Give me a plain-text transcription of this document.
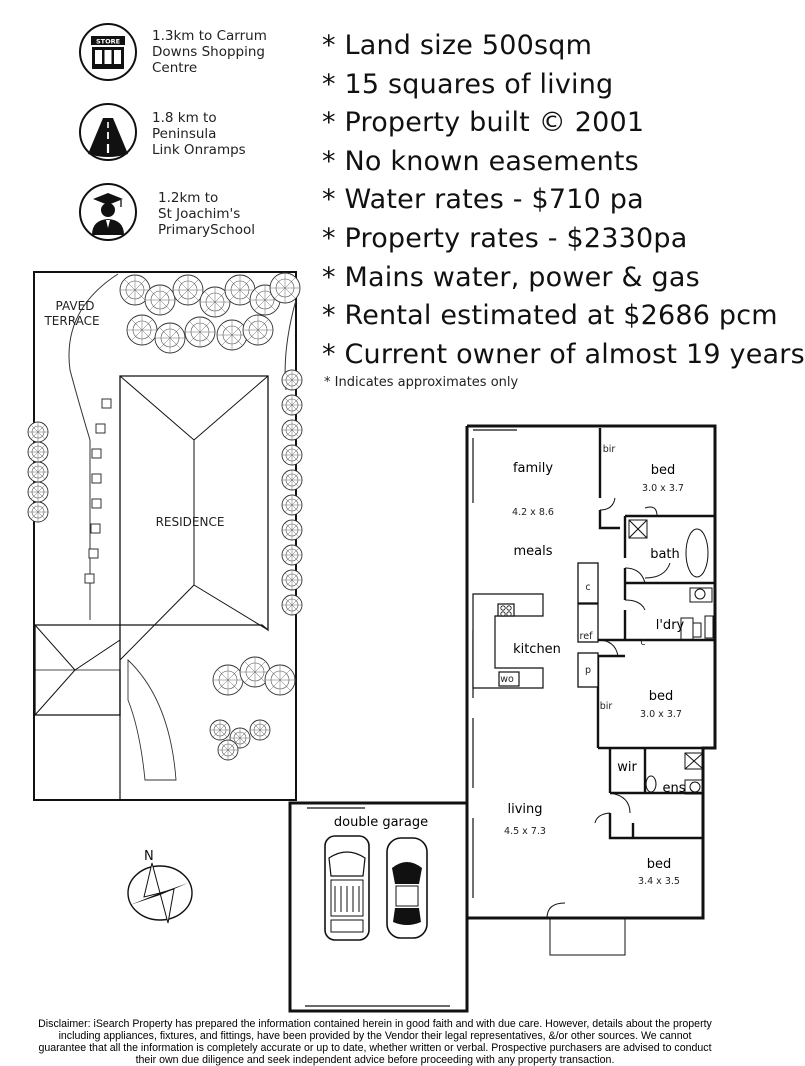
STORE 1.3km to Carrum
Downs Shopping
Centre
1.8 km to
Peninsula
Link Onramps
1.2km to
St Joachim's
PrimarySchool
* Land size 500sqm
* 15 squares of living
* Property built © 2001
* No known easements
* Water rates - $710 pa
* Property rates - $2330pa
* Mains water, power & gas
* Rental estimated at $2686 pcm
* Current owner of almost 19 years
* Indicates approximates only
PAVED
TERRACE
RESIDENCE
N
family
4.2 x 8.6
meals
kitchen
wo
c
ref
p
bir
bed
3.0 x 3.7
bath
l'dry
c
bed
3.0 x 3.7
bir
wir
ens
living
4.5 x 7.3
bed
3.4 x 3.5
double garage
Disclaimer: iSearch Property has prepared the information contained herein in good faith and with due care. However, details about the property
including appliances, fixtures, and fittings, have been provided by the Vendor their legal representatives, &/or other sources. We cannot
guarantee that all the information is completely accurate or up to date, whether written or verbal. Prospective purchasers are advised to conduct
their own due diligence and seek independent advice before proceeding with any property transaction.
